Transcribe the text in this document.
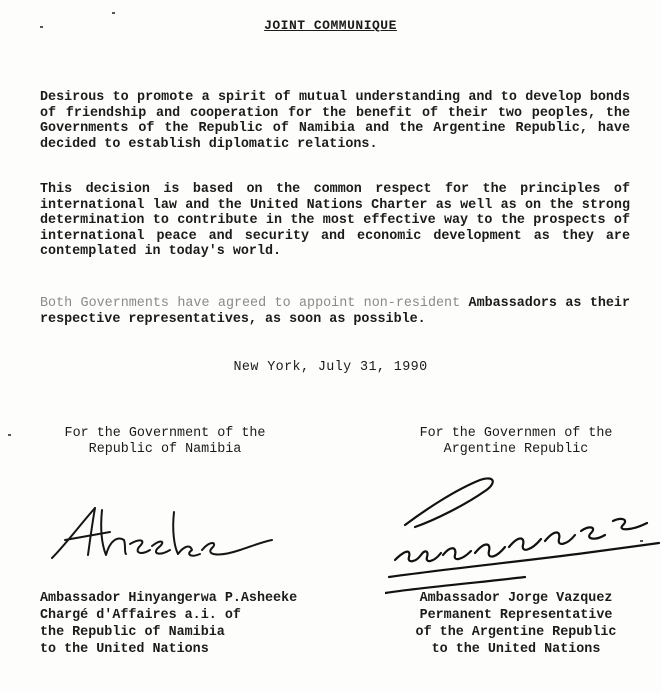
JOINT COMMUNIQUE

Desirous to promote a spirit of mutual understanding and to develop bonds of friendship and cooperation for the benefit of their two peoples, the Governments of the Republic of Namibia and the Argentine Republic, have decided to establish diplomatic relations.

This decision is based on the common respect for the principles of international law and the United Nations Charter as well as on the strong determination to contribute in the most effective way to the prospects of international peace and security and economic development as they are contemplated in today's world.

Both Governments have agreed to appoint non-resident Ambassadors as their respective representatives, as soon as possible.

New York, July 31, 1990
For the Government of the
Republic of Namibia
For the Governmen of the
Argentine Republic
Ambassador Hinyangerwa P.Asheeke
Chargé d'Affaires a.i. of
the Republic of Namibia
to the United Nations
Ambassador Jorge Vazquez
Permanent Representative
of the Argentine Republic
to the United Nations
